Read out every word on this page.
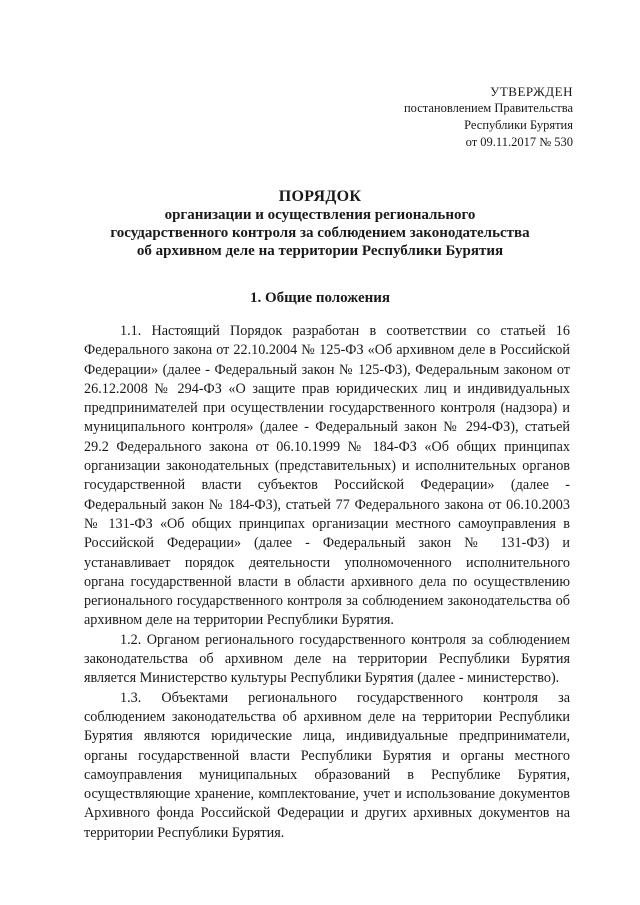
УТВЕРЖДЕН
постановлением Правительства
Республики Бурятия
от 09.11.2017 № 530
ПОРЯДОК
организации и осуществления регионального
государственного контроля за соблюдением законодательства
об архивном деле на территории Республики Бурятия
1. Общие положения

1.1. Настоящий Порядок разработан в соответствии со статьей 16 Федерального закона от 22.10.2004 № 125-ФЗ «Об архивном деле в Российской Федерации» (далее - Федеральный закон № 125-ФЗ), Федеральным законом от 26.12.2008 № 294-ФЗ «О защите прав юридических лиц и индивидуальных предпринимателей при осуществлении государственного контроля (надзора) и муниципального контроля» (далее - Федеральный закон № 294-ФЗ), статьей 29.2 Федерального закона от 06.10.1999 № 184-ФЗ «Об общих принципах организации законодательных (представительных) и исполнительных органов государственной власти субъектов Российской Федерации» (далее - Федеральный закон № 184-ФЗ), статьей 77 Федерального закона от 06.10.2003 № 131-ФЗ «Об общих принципах организации местного самоуправления в Российской Федерации» (далее - Федеральный закон № 131-ФЗ) и устанавливает порядок деятельности уполномоченного исполнительного органа государственной власти в области архивного дела по осуществлению регионального государственного контроля за соблюдением законодательства об архивном деле на территории Республики Бурятия.

1.2. Органом регионального государственного контроля за соблюдением законодательства об архивном деле на территории Республики Бурятия является Министерство культуры Республики Бурятия (далее - министерство).

1.3. Объектами регионального государственного контроля за соблюдением законодательства об архивном деле на территории Республики Бурятия являются юридические лица, индивидуальные предприниматели, органы государственной власти Республики Бурятия и органы местного самоуправления муниципальных образований в Республике Бурятия, осуществляющие хранение, комплектование, учет и использование документов Архивного фонда Российской Федерации и других архивных документов на территории Республики Бурятия.
